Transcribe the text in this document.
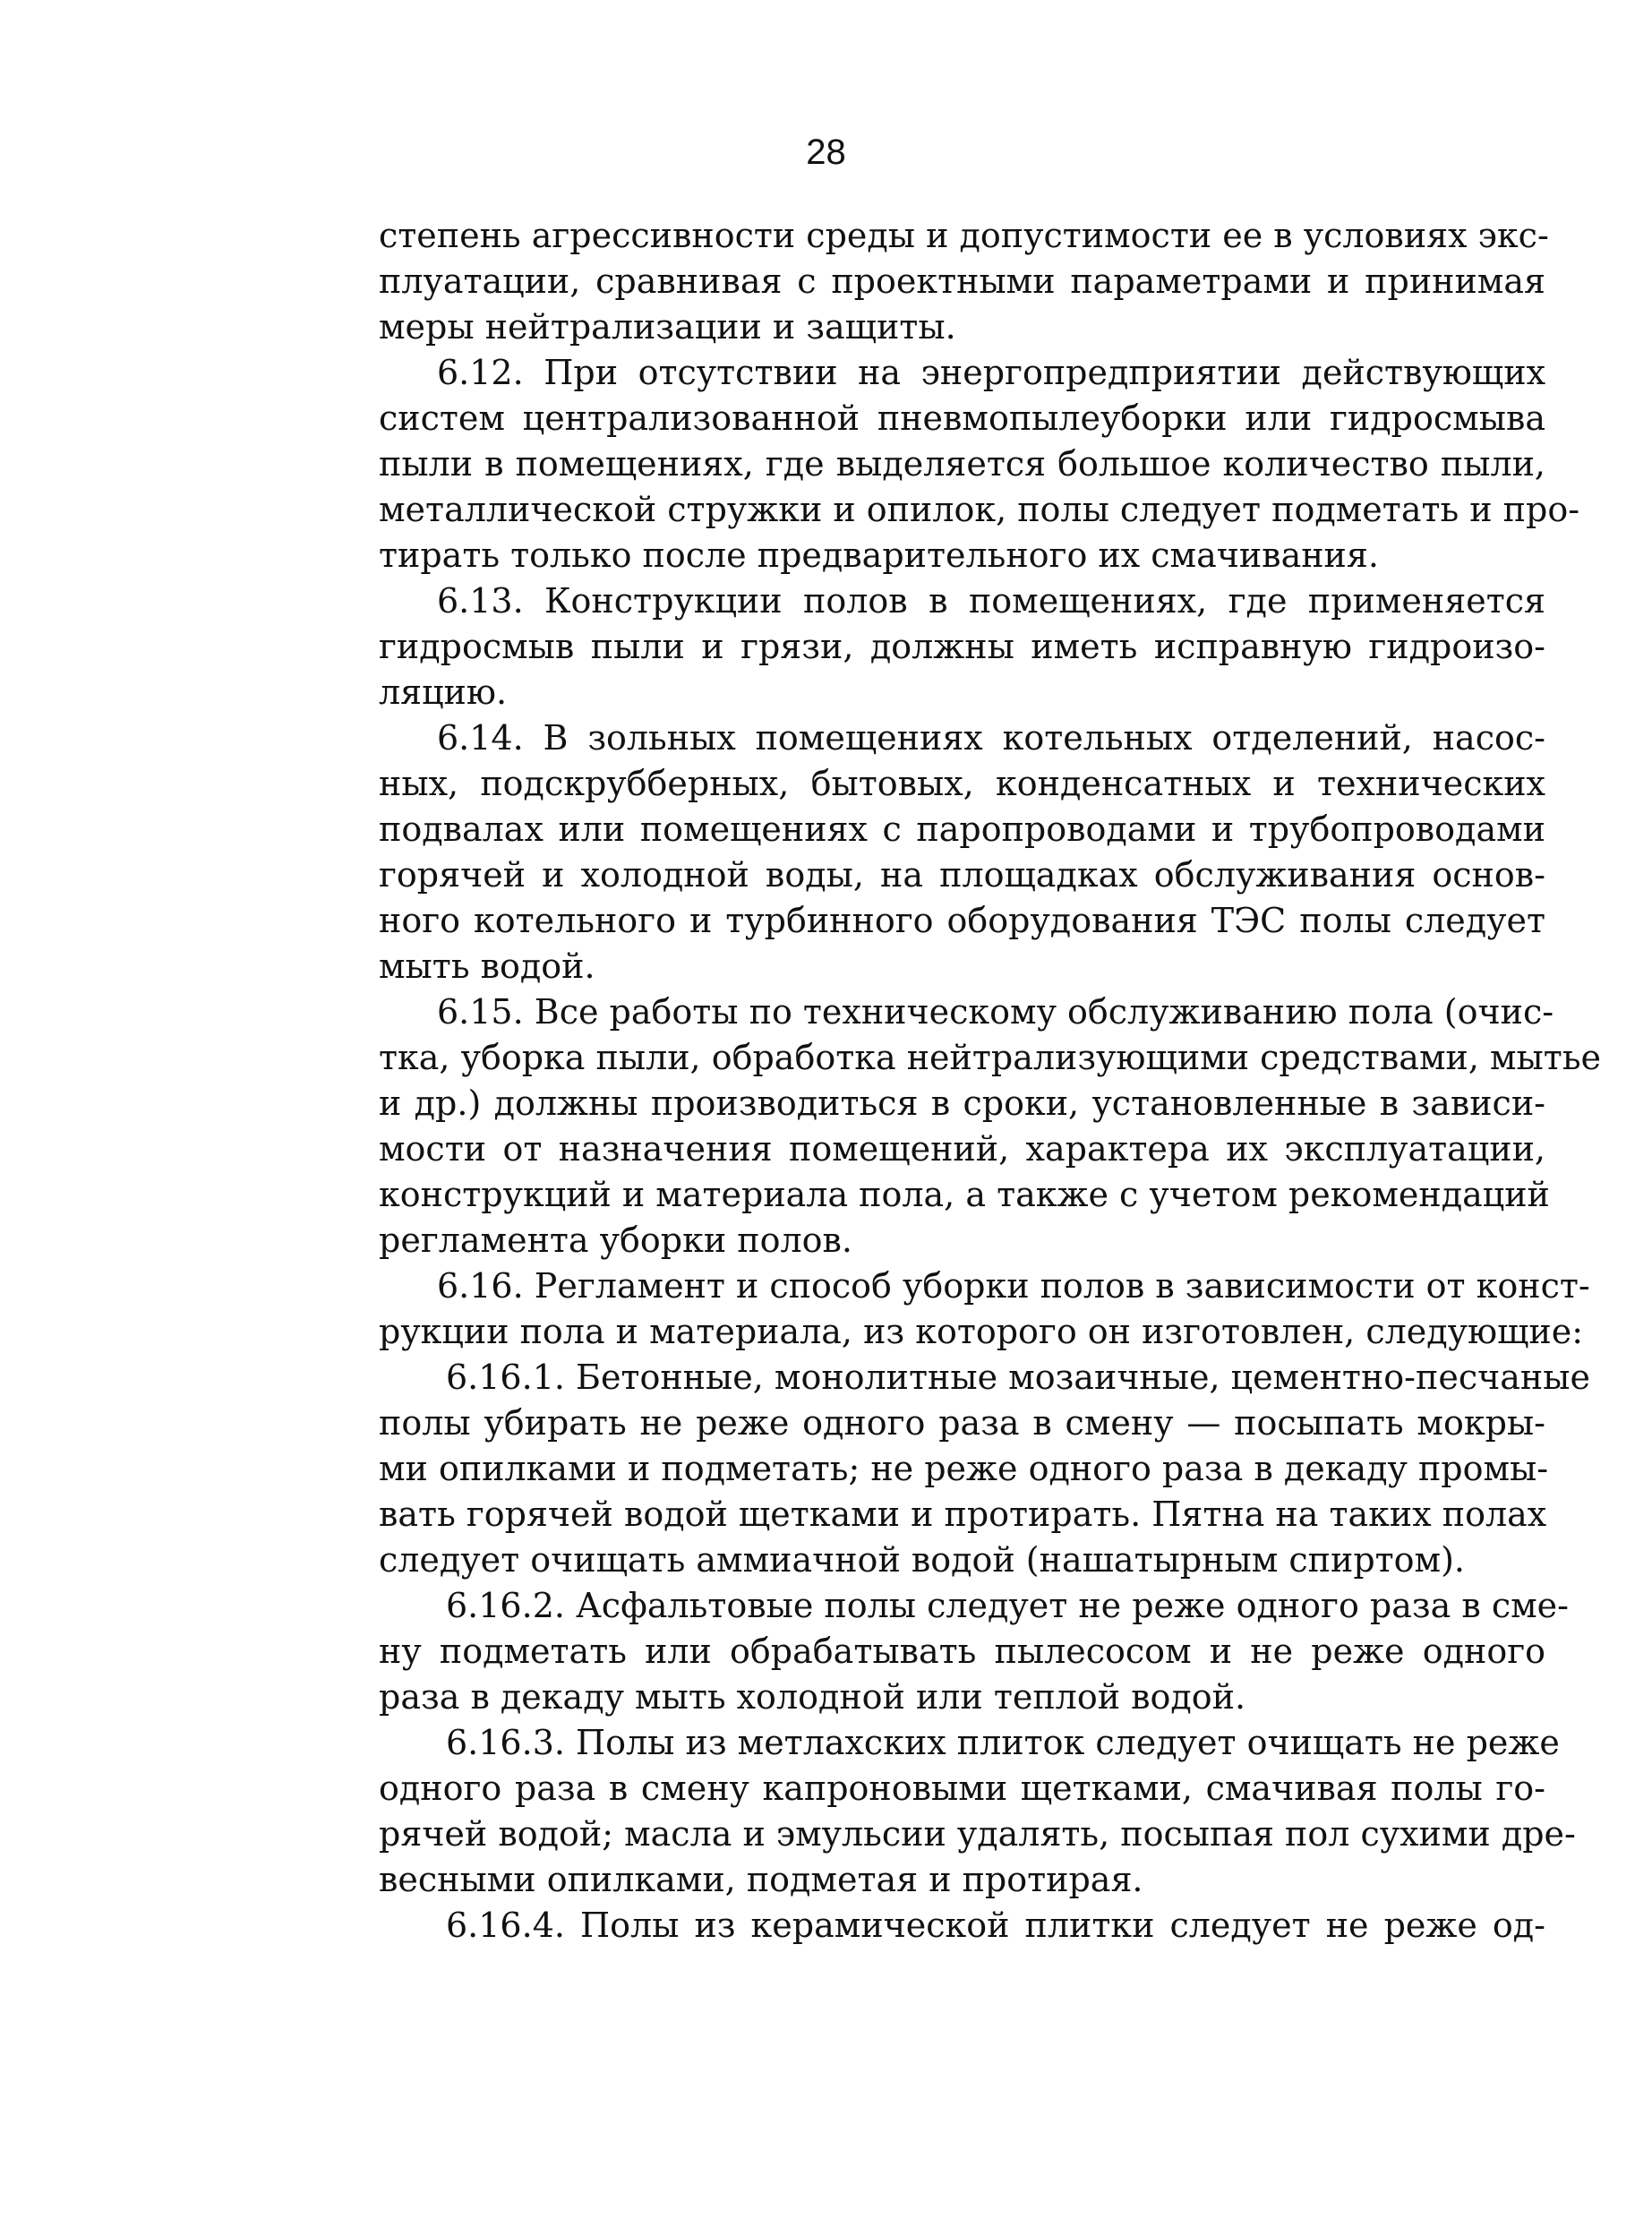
28
степень агрессивности среды и допустимости ее в условиях экс-
плуатации, сравнивая с проектными параметрами и принимая
меры нейтрализации и защиты.
6.12. При отсутствии на энергопредприятии действующих
систем централизованной пневмопылеуборки или гидросмыва
пыли в помещениях, где выделяется большое количество пыли,
металлической стружки и опилок, полы следует подметать и про-
тирать только после предварительного их смачивания.
6.13. Конструкции полов в помещениях, где применяется
гидросмыв пыли и грязи, должны иметь исправную гидроизо-
ляцию.
6.14. В зольных помещениях котельных отделений, насос-
ных, подскрубберных, бытовых, конденсатных и технических
подвалах или помещениях с паропроводами и трубопроводами
горячей и холодной воды, на площадках обслуживания основ-
ного котельного и турбинного оборудования ТЭС полы следует
мыть водой.
6.15. Все работы по техническому обслуживанию пола (очис-
тка, уборка пыли, обработка нейтрализующими средствами, мытье
и др.) должны производиться в сроки, установленные в зависи-
мости от назначения помещений, характера их эксплуатации,
конструкций и материала пола, а также с учетом рекомендаций
регламента уборки полов.
6.16. Регламент и способ уборки полов в зависимости от конст-
рукции пола и материала, из которого он изготовлен, следующие:
6.16.1. Бетонные, монолитные мозаичные, цементно-песчаные
полы убирать не реже одного раза в смену — посыпать мокры-
ми опилками и подметать; не реже одного раза в декаду промы-
вать горячей водой щетками и протирать. Пятна на таких полах
следует очищать аммиачной водой (нашатырным спиртом).
6.16.2. Асфальтовые полы следует не реже одного раза в сме-
ну подметать или обрабатывать пылесосом и не реже одного
раза в декаду мыть холодной или теплой водой.
6.16.3. Полы из метлахских плиток следует очищать не реже
одного раза в смену капроновыми щетками, смачивая полы го-
рячей водой; масла и эмульсии удалять, посыпая пол сухими дре-
весными опилками, подметая и протирая.
6.16.4. Полы из керамической плитки следует не реже од-
